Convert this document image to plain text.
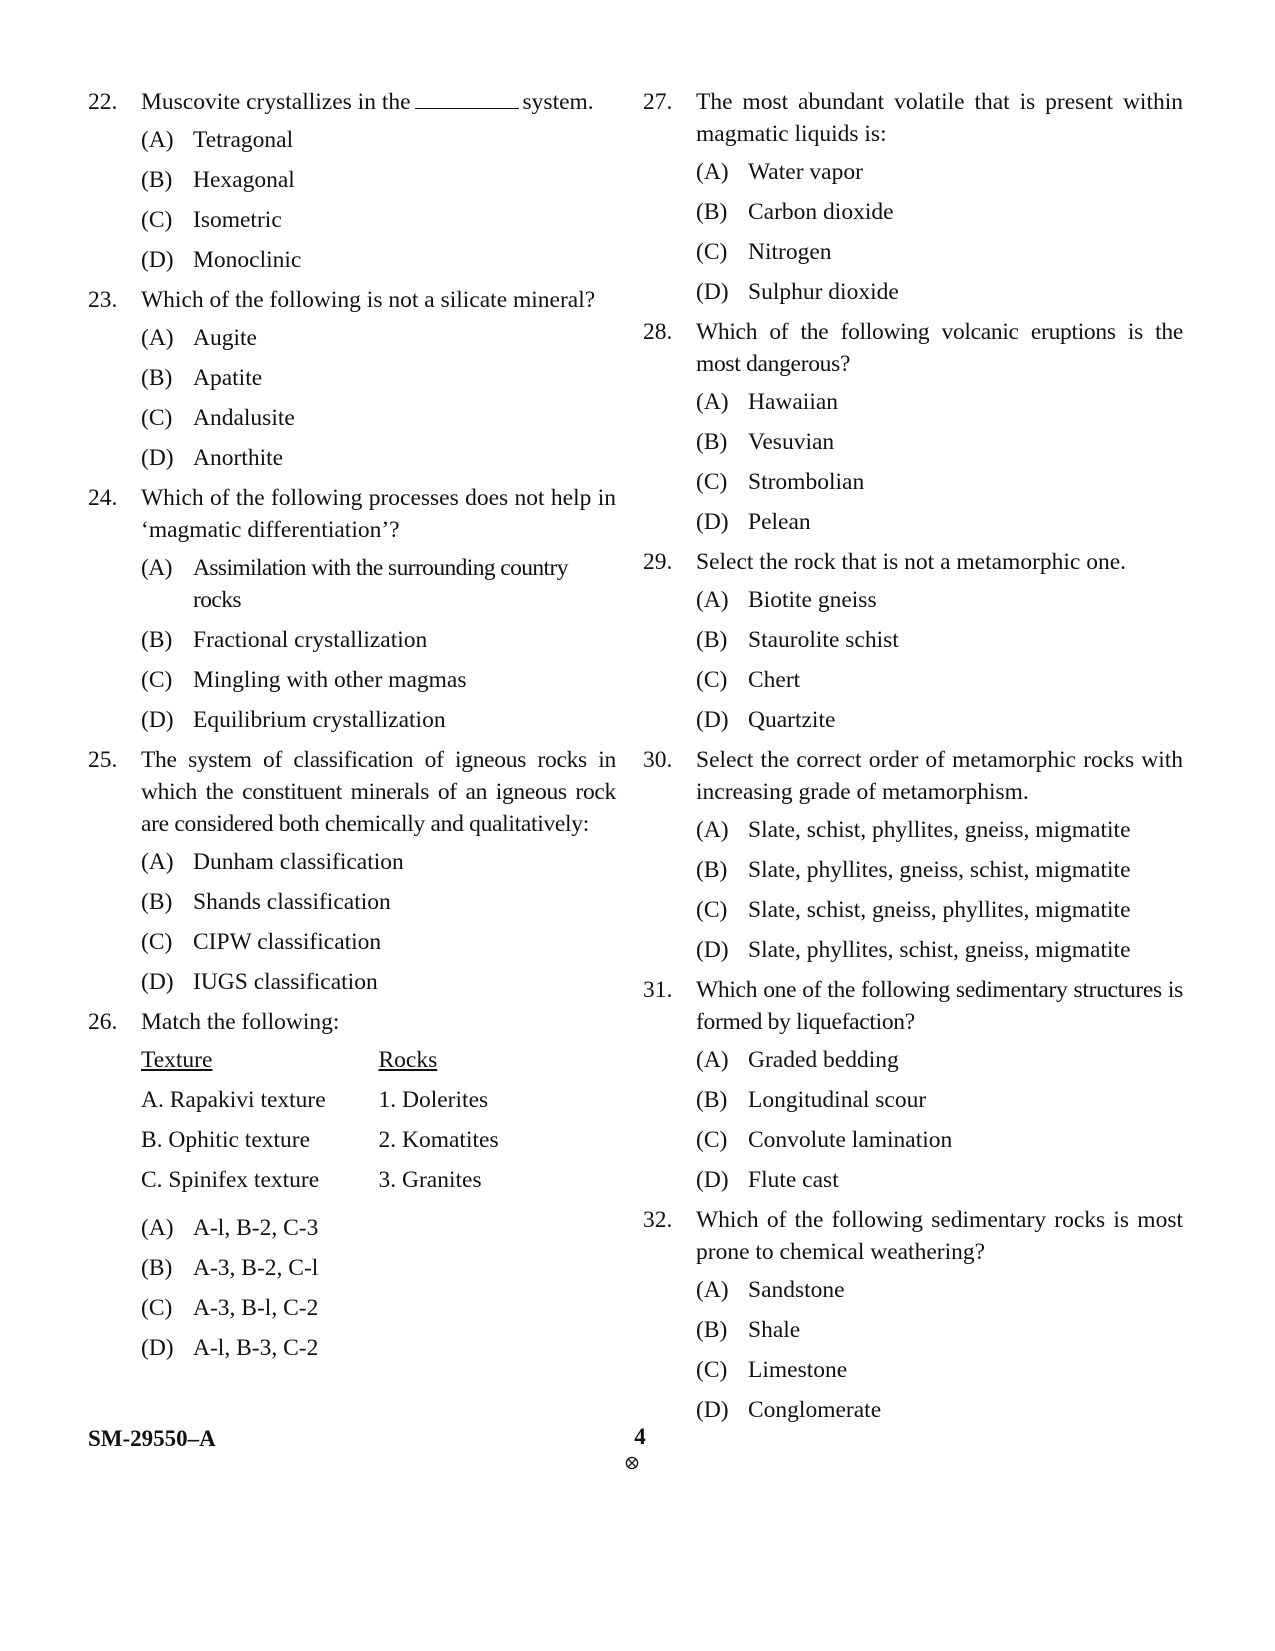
22. Muscovite crystallizes in the	system.
(A) Tetragonal
(B) Hexagonal
(C) Isometric
(D) Monoclinic
23. Which of the following is not a silicate mineral?
(A) Augite
(B) Apatite
(C) Andalusite
(D) Anorthite
24. Which of the following processes does not help in ‘magmatic differentiation’?
(A) Assimilation with the surrounding country rocks
(B) Fractional crystallization
(C) Mingling with other magmas
(D) Equilibrium crystallization
25. The system of classification of igneous rocks in which the constituent minerals of an igneous rock are considered both chemically and qualitatively:
(A) Dunham classification
(B) Shands classification
(C) CIPW classification
(D) IUGS classification
26. Match the following:
Texture
A. Rapakivi texture
B. Ophitic texture
C. Spinifex texture
Rocks
1. Dolerites
2. Komatites
3. Granites
(A) A-l, B-2, C-3
(B) A-3, B-2, C-l
(C) A-3, B-l, C-2
(D) A-l, B-3, C-2
27. The most abundant volatile that is present within magmatic liquids is:
(A) Water vapor
(B) Carbon dioxide
(C) Nitrogen
(D) Sulphur dioxide
28. Which of the following volcanic eruptions is the most dangerous?
(A) Hawaiian
(B) Vesuvian
(C) Strombolian
(D) Pelean
29. Select the rock that is not a metamorphic one.
(A) Biotite gneiss
(B) Staurolite schist
(C) Chert
(D) Quartzite
30. Select the correct order of metamorphic rocks with increasing grade of metamorphism.
(A) Slate, schist, phyllites, gneiss, migmatite
(B) Slate, phyllites, gneiss, schist, migmatite
(C) Slate, schist, gneiss, phyllites, migmatite
(D) Slate, phyllites, schist, gneiss, migmatite
31. Which one of the following sedimentary structures is formed by liquefaction?
(A) Graded bedding
(B) Longitudinal scour
(C) Convolute lamination
(D) Flute cast
32. Which of the following sedimentary rocks is most prone to chemical weathering?
(A) Sandstone
(B) Shale
(C) Limestone
(D) Conglomerate
SM-29550–A	4
